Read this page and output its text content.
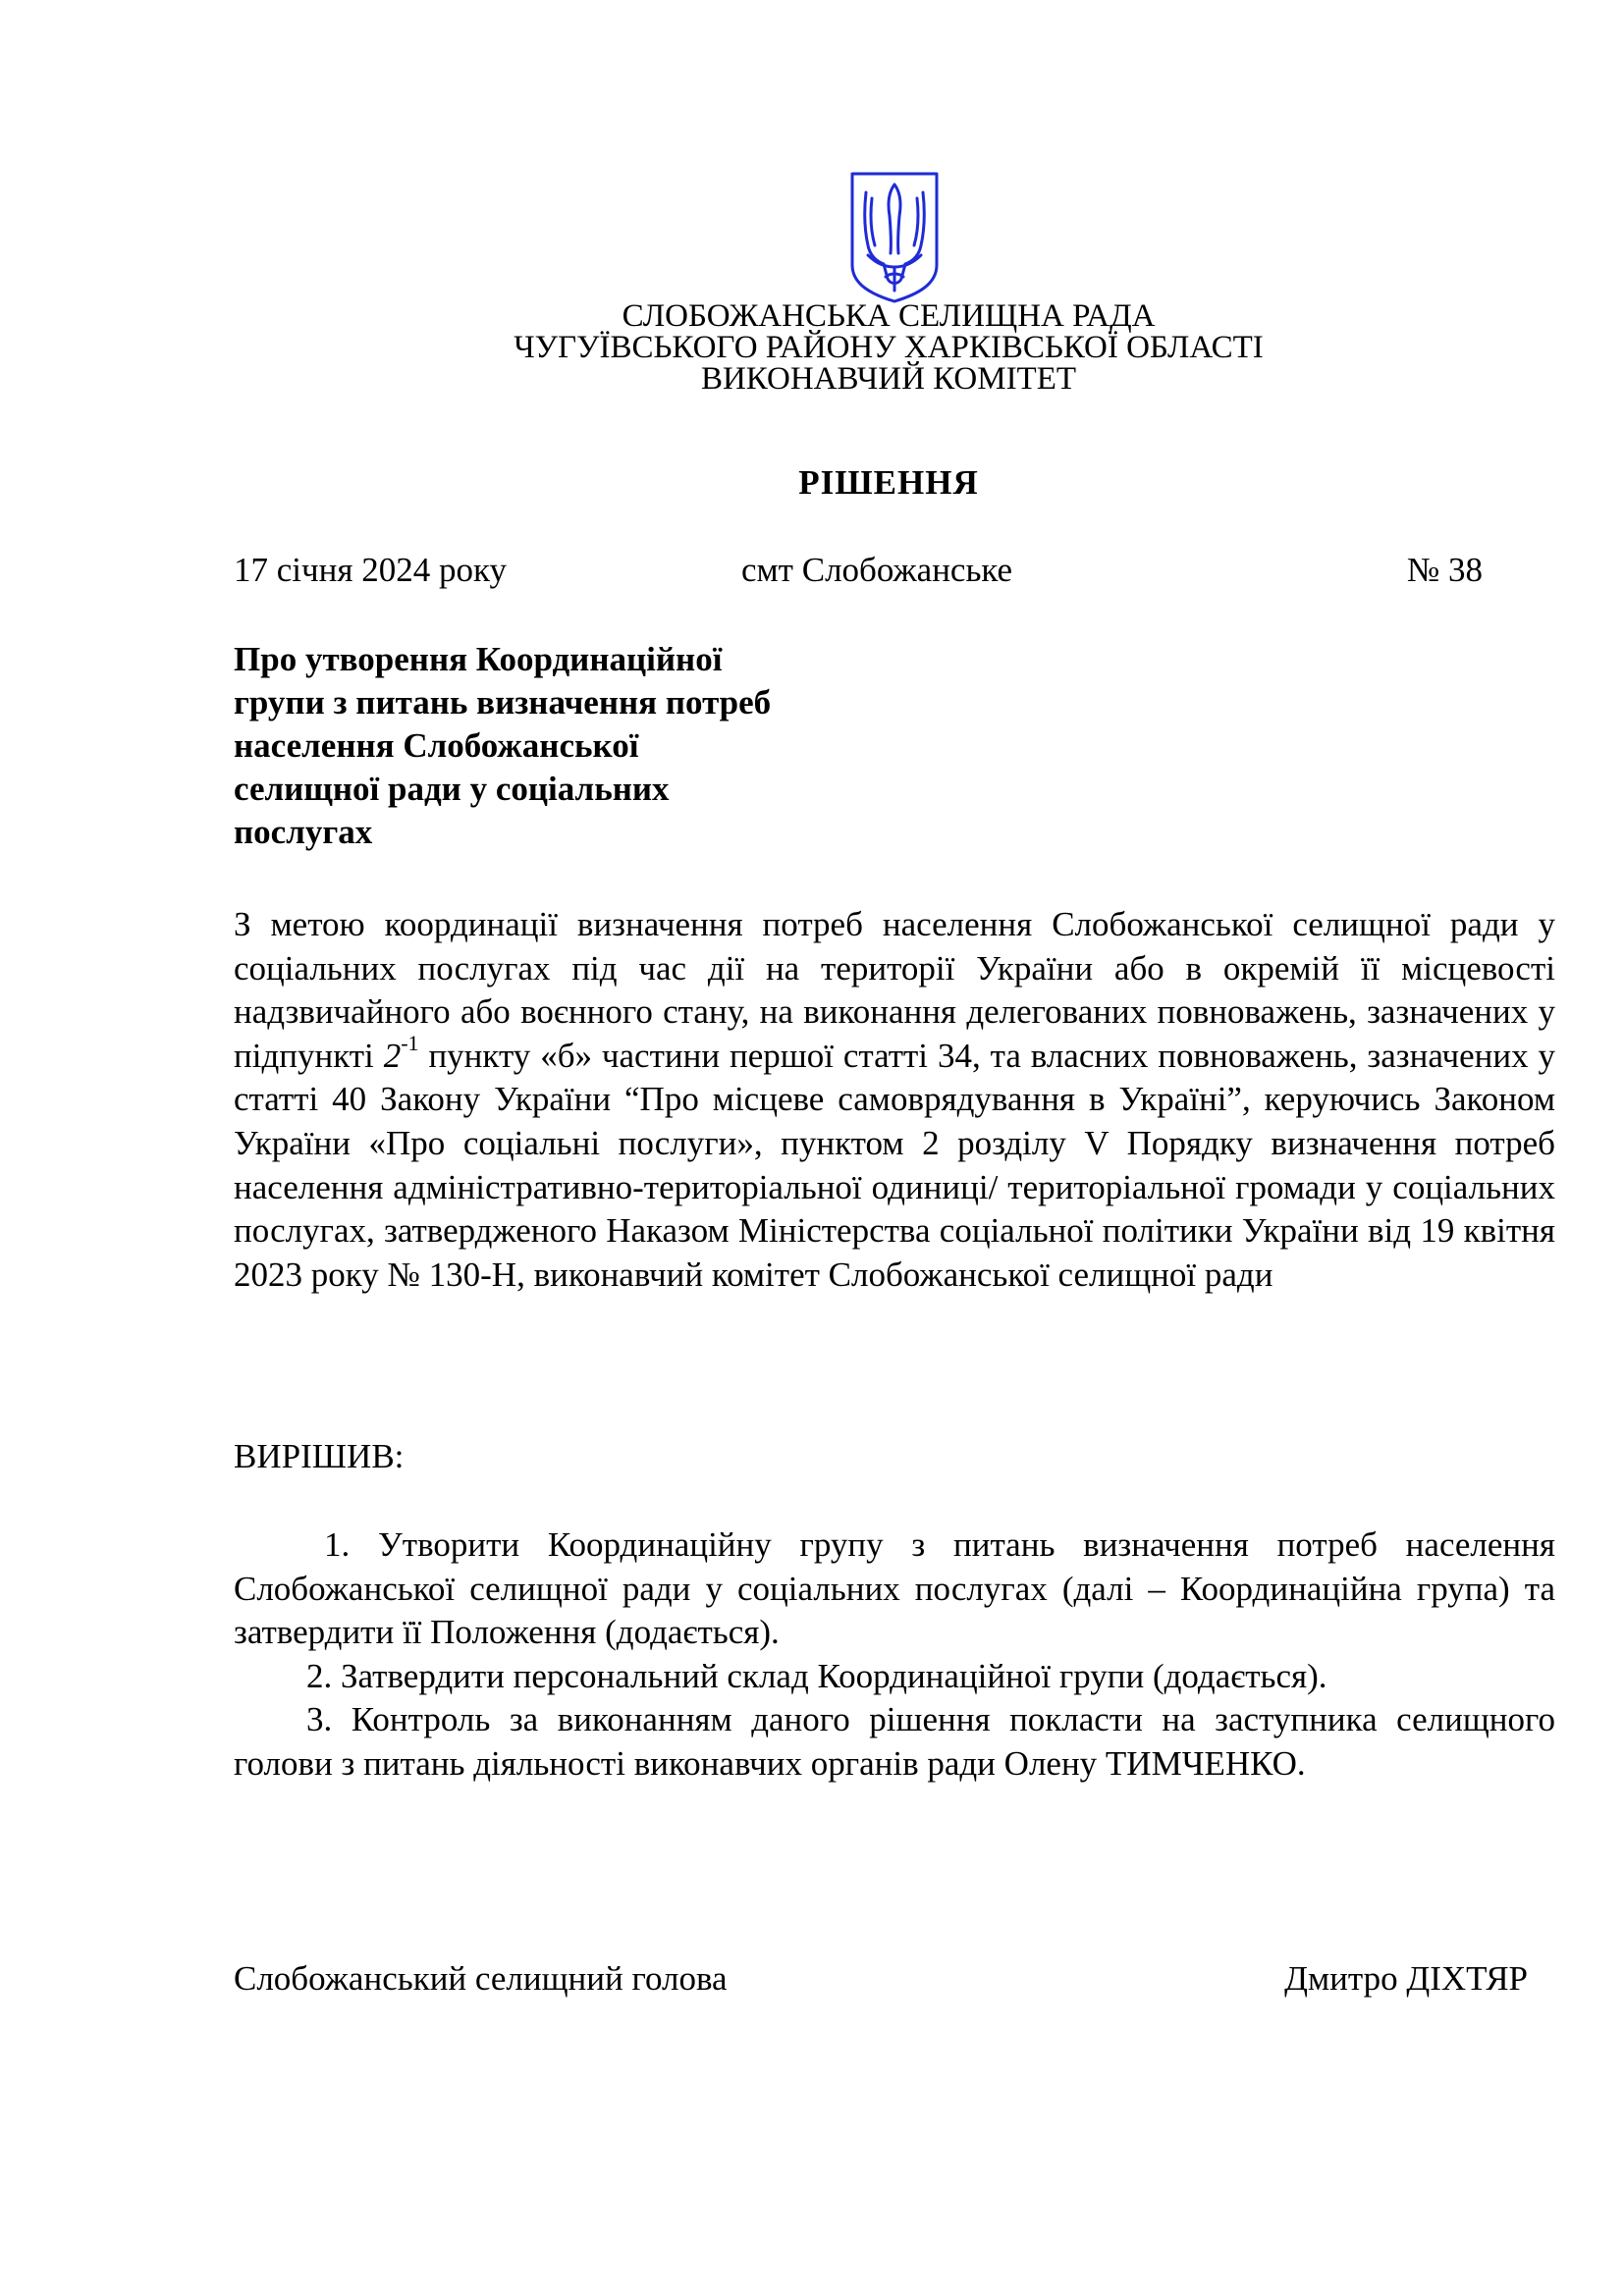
СЛОБОЖАНСЬКА СЕЛИЩНА РАДА
ЧУГУЇВСЬКОГО РАЙОНУ ХАРКІВСЬКОЇ ОБЛАСТІ
ВИКОНАВЧИЙ КОМІТЕТ
РІШЕННЯ
17 січня 2024 року	смт Слобожанське	№ 38
Про утворення Координаційної
групи з питань визначення потреб
населення Слобожанської
селищної ради у соціальних
послугах
З метою координації визначення потреб населення Слобожанської селищної ради у соціальних послугах під час дії на території України або в окремій її місцевості надзвичайного або воєнного стану, на виконання делегованих повноважень, зазначених у підпункті $2^{-1}$ пункту «б» частини першої статті 34, та власних повноважень, зазначених у статті 40 Закону України “Про місцеве самоврядування в Україні”, керуючись Законом України «Про соціальні послуги», пунктом 2 розділу V Порядку визначення потреб населення адміністративно-територіальної одиниці/ територіальної громади у соціальних послугах, затвердженого Наказом Міністерства соціальної політики України від 19 квітня 2023 року № 130-Н, виконавчий комітет Слобожанської селищної ради
ВИРІШИВ:
1. Утворити Координаційну групу з питань визначення потреб населення Слобожанської селищної ради у соціальних послугах (далі – Координаційна група) та затвердити її Положення (додається).
2. Затвердити персональний склад Координаційної групи (додається).
3. Контроль за виконанням даного рішення покласти на заступника селищного голови з питань діяльності виконавчих органів ради Олену ТИМЧЕНКО.
Слобожанський селищний голова	Дмитро ДІХТЯР
